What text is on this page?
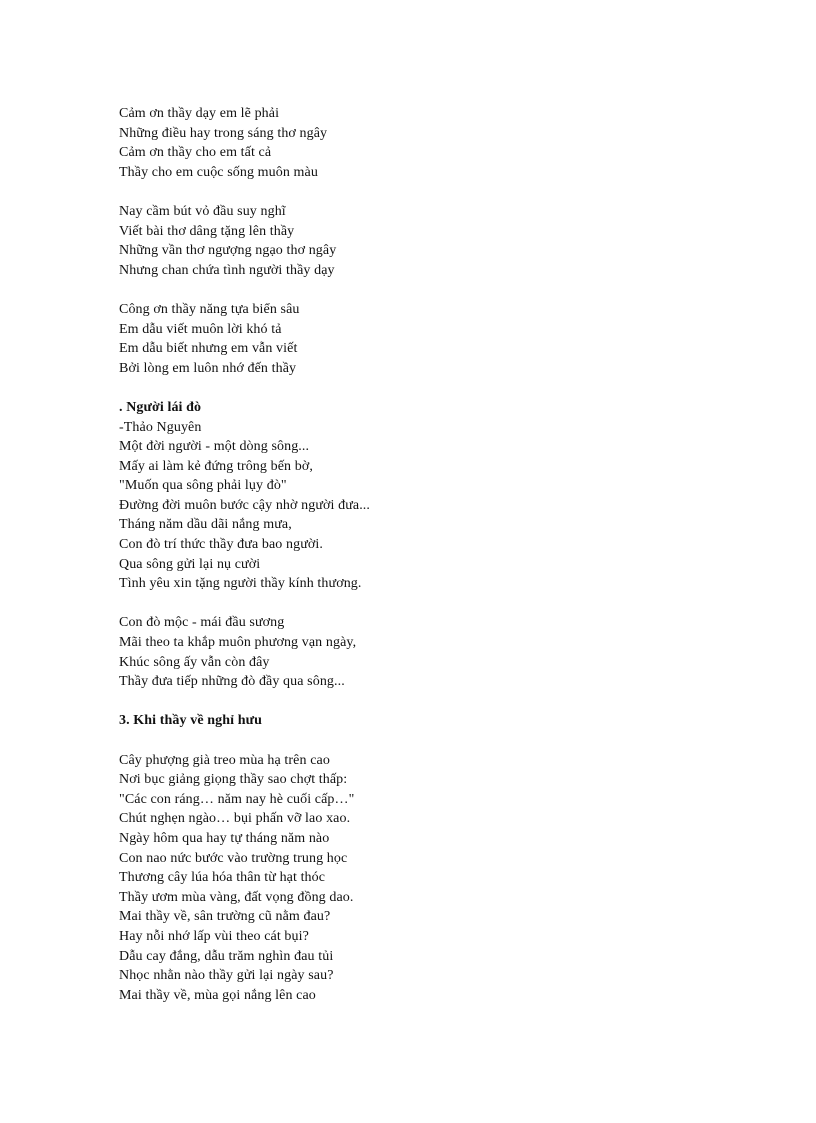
Cảm ơn thầy dạy em lẽ phải
Những điều hay trong sáng thơ ngây
Cảm ơn thầy cho em tất cả
Thầy cho em cuộc sống muôn màu
Nay cầm bút vỏ đầu suy nghĩ
Viết bài thơ dâng tặng lên thầy
Những vần thơ ngượng ngạo thơ ngây
Nhưng chan chứa tình người thầy dạy
Công ơn thầy năng tựa biển sâu
Em dẫu viết muôn lời khó tả
Em dẫu biết nhưng em vẫn viết
Bởi lòng em luôn nhớ đến thầy
. Người lái đò
-Thảo Nguyên
Một đời người - một dòng sông...
Mấy ai làm kẻ đứng trông bến bờ,
"Muốn qua sông phải lụy đò"
Đường đời muôn bước cậy nhờ người đưa...
Tháng năm dầu dãi nắng mưa,
Con đò trí thức thầy đưa bao người.
Qua sông gửi lại nụ cười
Tình yêu xin tặng người thầy kính thương.
Con đò mộc - mái đầu sương
Mãi theo ta khắp muôn phương vạn ngày,
Khúc sông ấy vẫn còn đây
Thầy đưa tiếp những đò đầy qua sông...
3. Khi thầy về nghỉ hưu
Cây phượng già treo mùa hạ trên cao
Nơi bục giảng giọng thầy sao chợt thấp:
"Các con ráng… năm nay hè cuối cấp…"
Chút nghẹn ngào… bụi phấn vỡ lao xao.
Ngày hôm qua hay tự tháng năm nào
Con nao nức bước vào trường trung học
Thương cây lúa hóa thân từ hạt thóc
Thầy ươm mùa vàng, đất vọng đồng dao.
Mai thầy về, sân trường cũ nằm đau?
Hay nỗi nhớ lấp vùi theo cát bụi?
Dẫu cay đắng, dẫu trăm nghìn đau tủi
Nhọc nhằn nào thầy gửi lại ngày sau?
Mai thầy về, mùa gọi nắng lên cao
